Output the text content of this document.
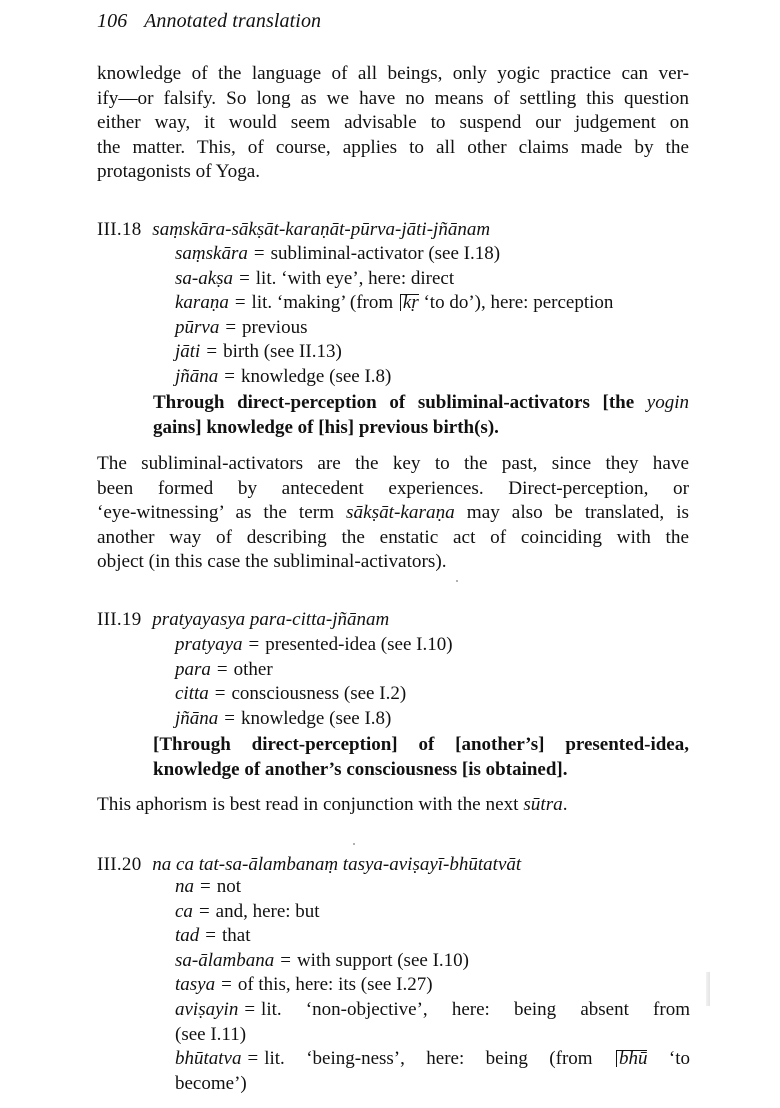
106 Annotated translation
knowledge of the language of all beings, only yogic practice can ver-
ify—or falsify. So long as we have no means of settling this question
either way, it would seem advisable to suspend our judgement on
the matter. This, of course, applies to all other claims made by the
protagonists of Yoga.
III.18 saṃskāra-sākṣāt-karaṇāt-pūrva-jāti-jñānam
saṃskāra = subliminal-activator (see I.18)
sa-akṣa = lit. ‘with eye’, here: direct
karaṇa = lit. ‘making’ (from kṛ ‘to do’), here: perception
pūrva = previous
jāti = birth (see II.13)
jñāna = knowledge (see I.8)
Through direct-perception of subliminal-activators [the yogin
gains] knowledge of [his] previous birth(s).
The subliminal-activators are the key to the past, since they have
been formed by antecedent experiences. Direct-perception, or
‘eye-witnessing’ as the term sākṣāt-karaṇa may also be translated, is
another way of describing the enstatic act of coinciding with the
object (in this case the subliminal-activators).
III.19 pratyayasya para-citta-jñānam
pratyaya = presented-idea (see I.10)
para = other
citta = consciousness (see I.2)
jñāna = knowledge (see I.8)
[Through direct-perception] of [another’s] presented-idea,
knowledge of another’s consciousness [is obtained].
This aphorism is best read in conjunction with the next sūtra.
III.20 na ca tat-sa-ālambanaṃ tasya-aviṣayī-bhūtatvāt
na = not
ca = and, here: but
tad = that
sa-ālambana = with support (see I.10)
tasya = of this, here: its (see I.27)
aviṣayin = lit. ‘non-objective’, here: being absent from
(see I.11)
bhūtatva = lit. ‘being-ness’, here: being (from bhū ‘to
become’)
